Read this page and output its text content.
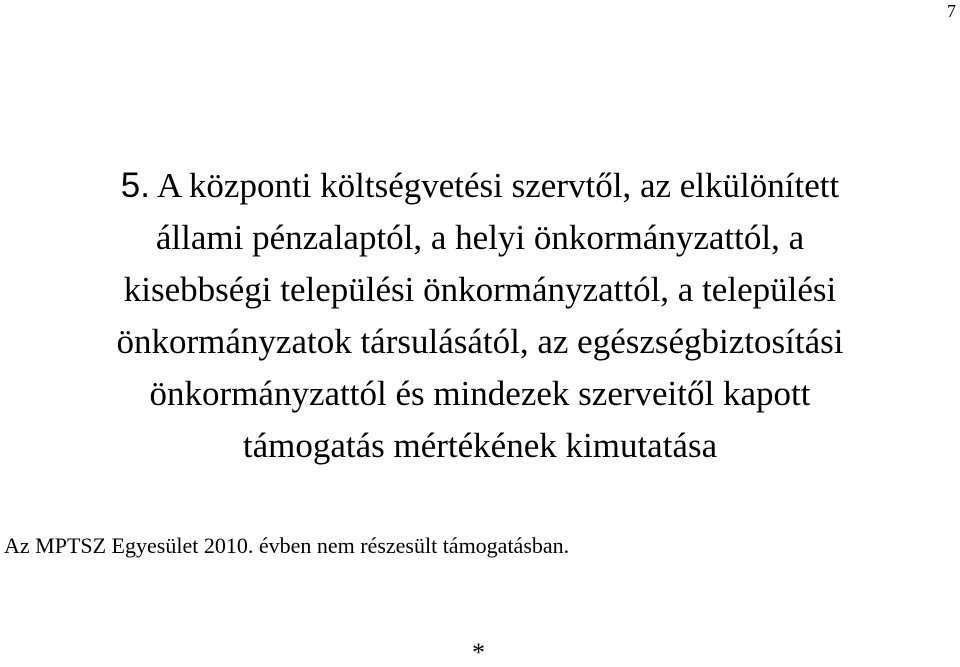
7
5. A központi költségvetési szervtől, az elkülönített
állami pénzalaptól, a helyi önkormányzattól, a
kisebbségi települési önkormányzattól, a települési
önkormányzatok társulásától, az egészségbiztosítási
önkormányzattól és mindezek szerveitől kapott
támogatás mértékének kimutatása

Az MPTSZ Egyesület 2010. évben nem részesült támogatásban.

*
